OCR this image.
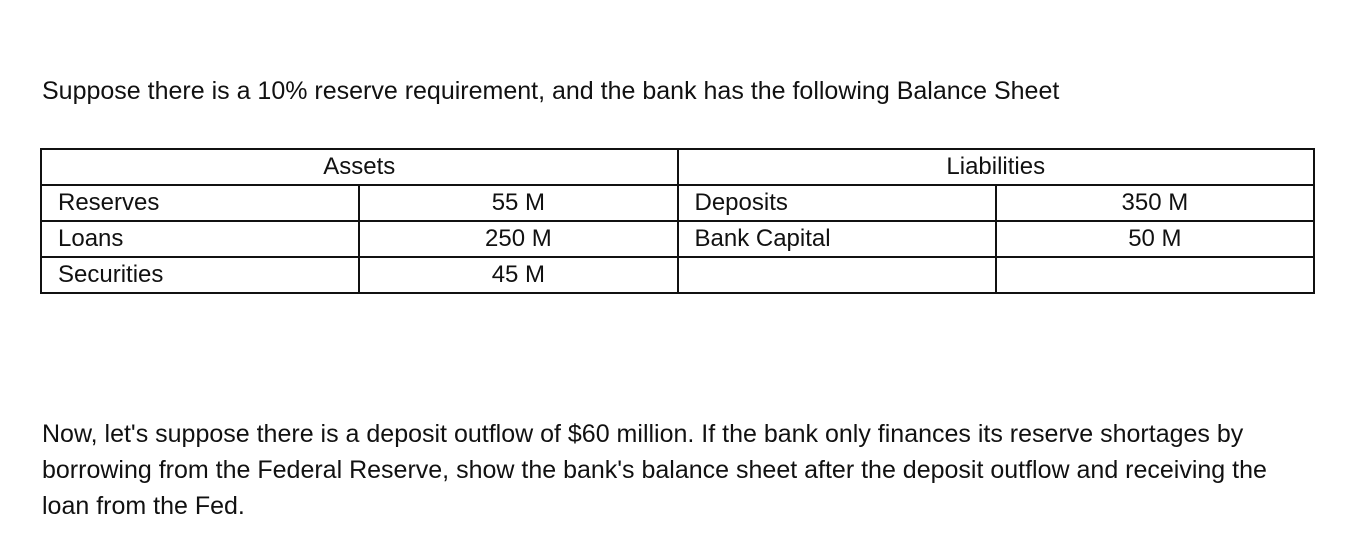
Suppose there is a 10% reserve requirement, and the bank has the following Balance Sheet
Assets		Liabilities	
Reserves	55 M	Deposits	350 M
Loans	250 M	Bank Capital	50 M
Securities	45 M		
Now, let's suppose there is a deposit outflow of $60 million. If the bank only finances its reserve shortages by borrowing from the Federal Reserve, show the bank's balance sheet after the deposit outflow and receiving the loan from the Fed.
